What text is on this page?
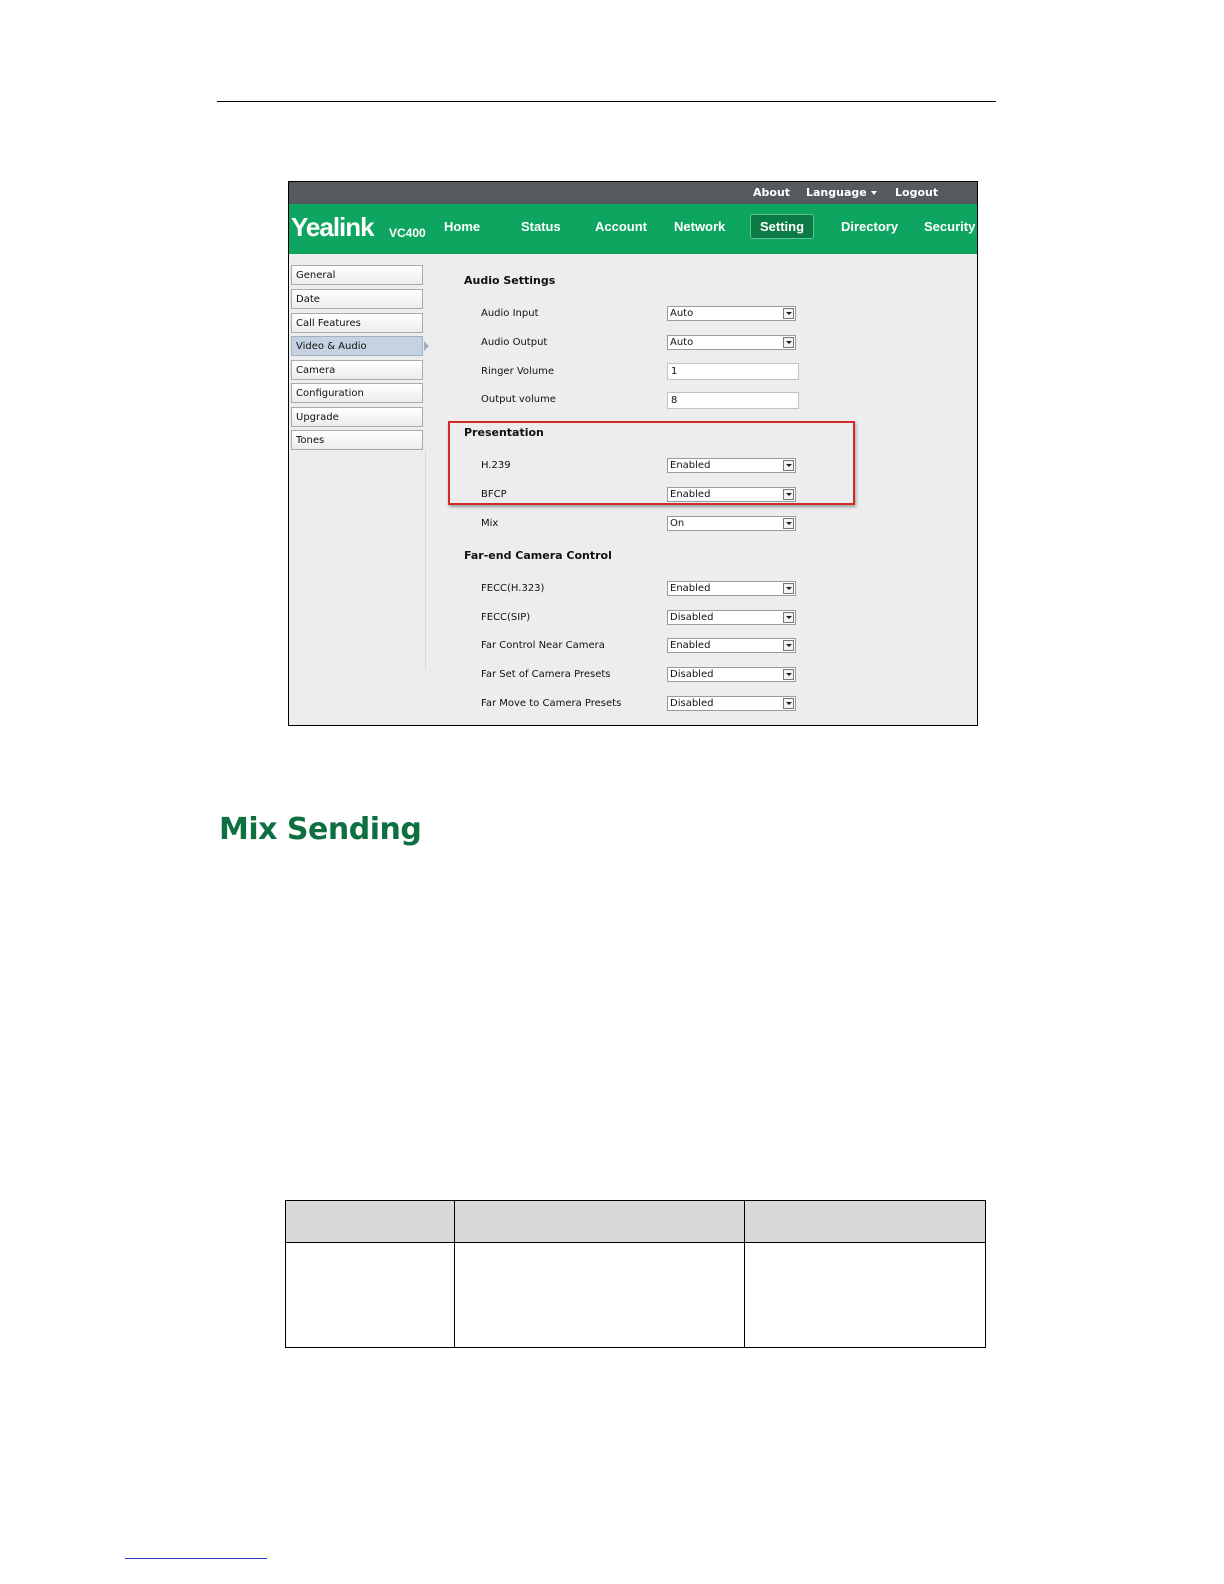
About Language	Logout
Yealink VC400 Home	Status	Account Network	Setting	Directory Security
General
Date
Call Features
Video & Audio
Camera
Configuration
Upgrade
Tones
Audio Settings
Audio Input	Auto
Audio Output	Auto
Ringer Volume	1
Output volume	8
Presentation
H.239	Enabled
BFCP	Enabled
Mix	On
Far-end Camera Control
FECC(H.323)	Enabled
FECC(SIP)	Disabled
Far Control Near Camera	Enabled
Far Set of Camera Presets	Disabled
Far Move to Camera Presets	Disabled
Mix Sending
